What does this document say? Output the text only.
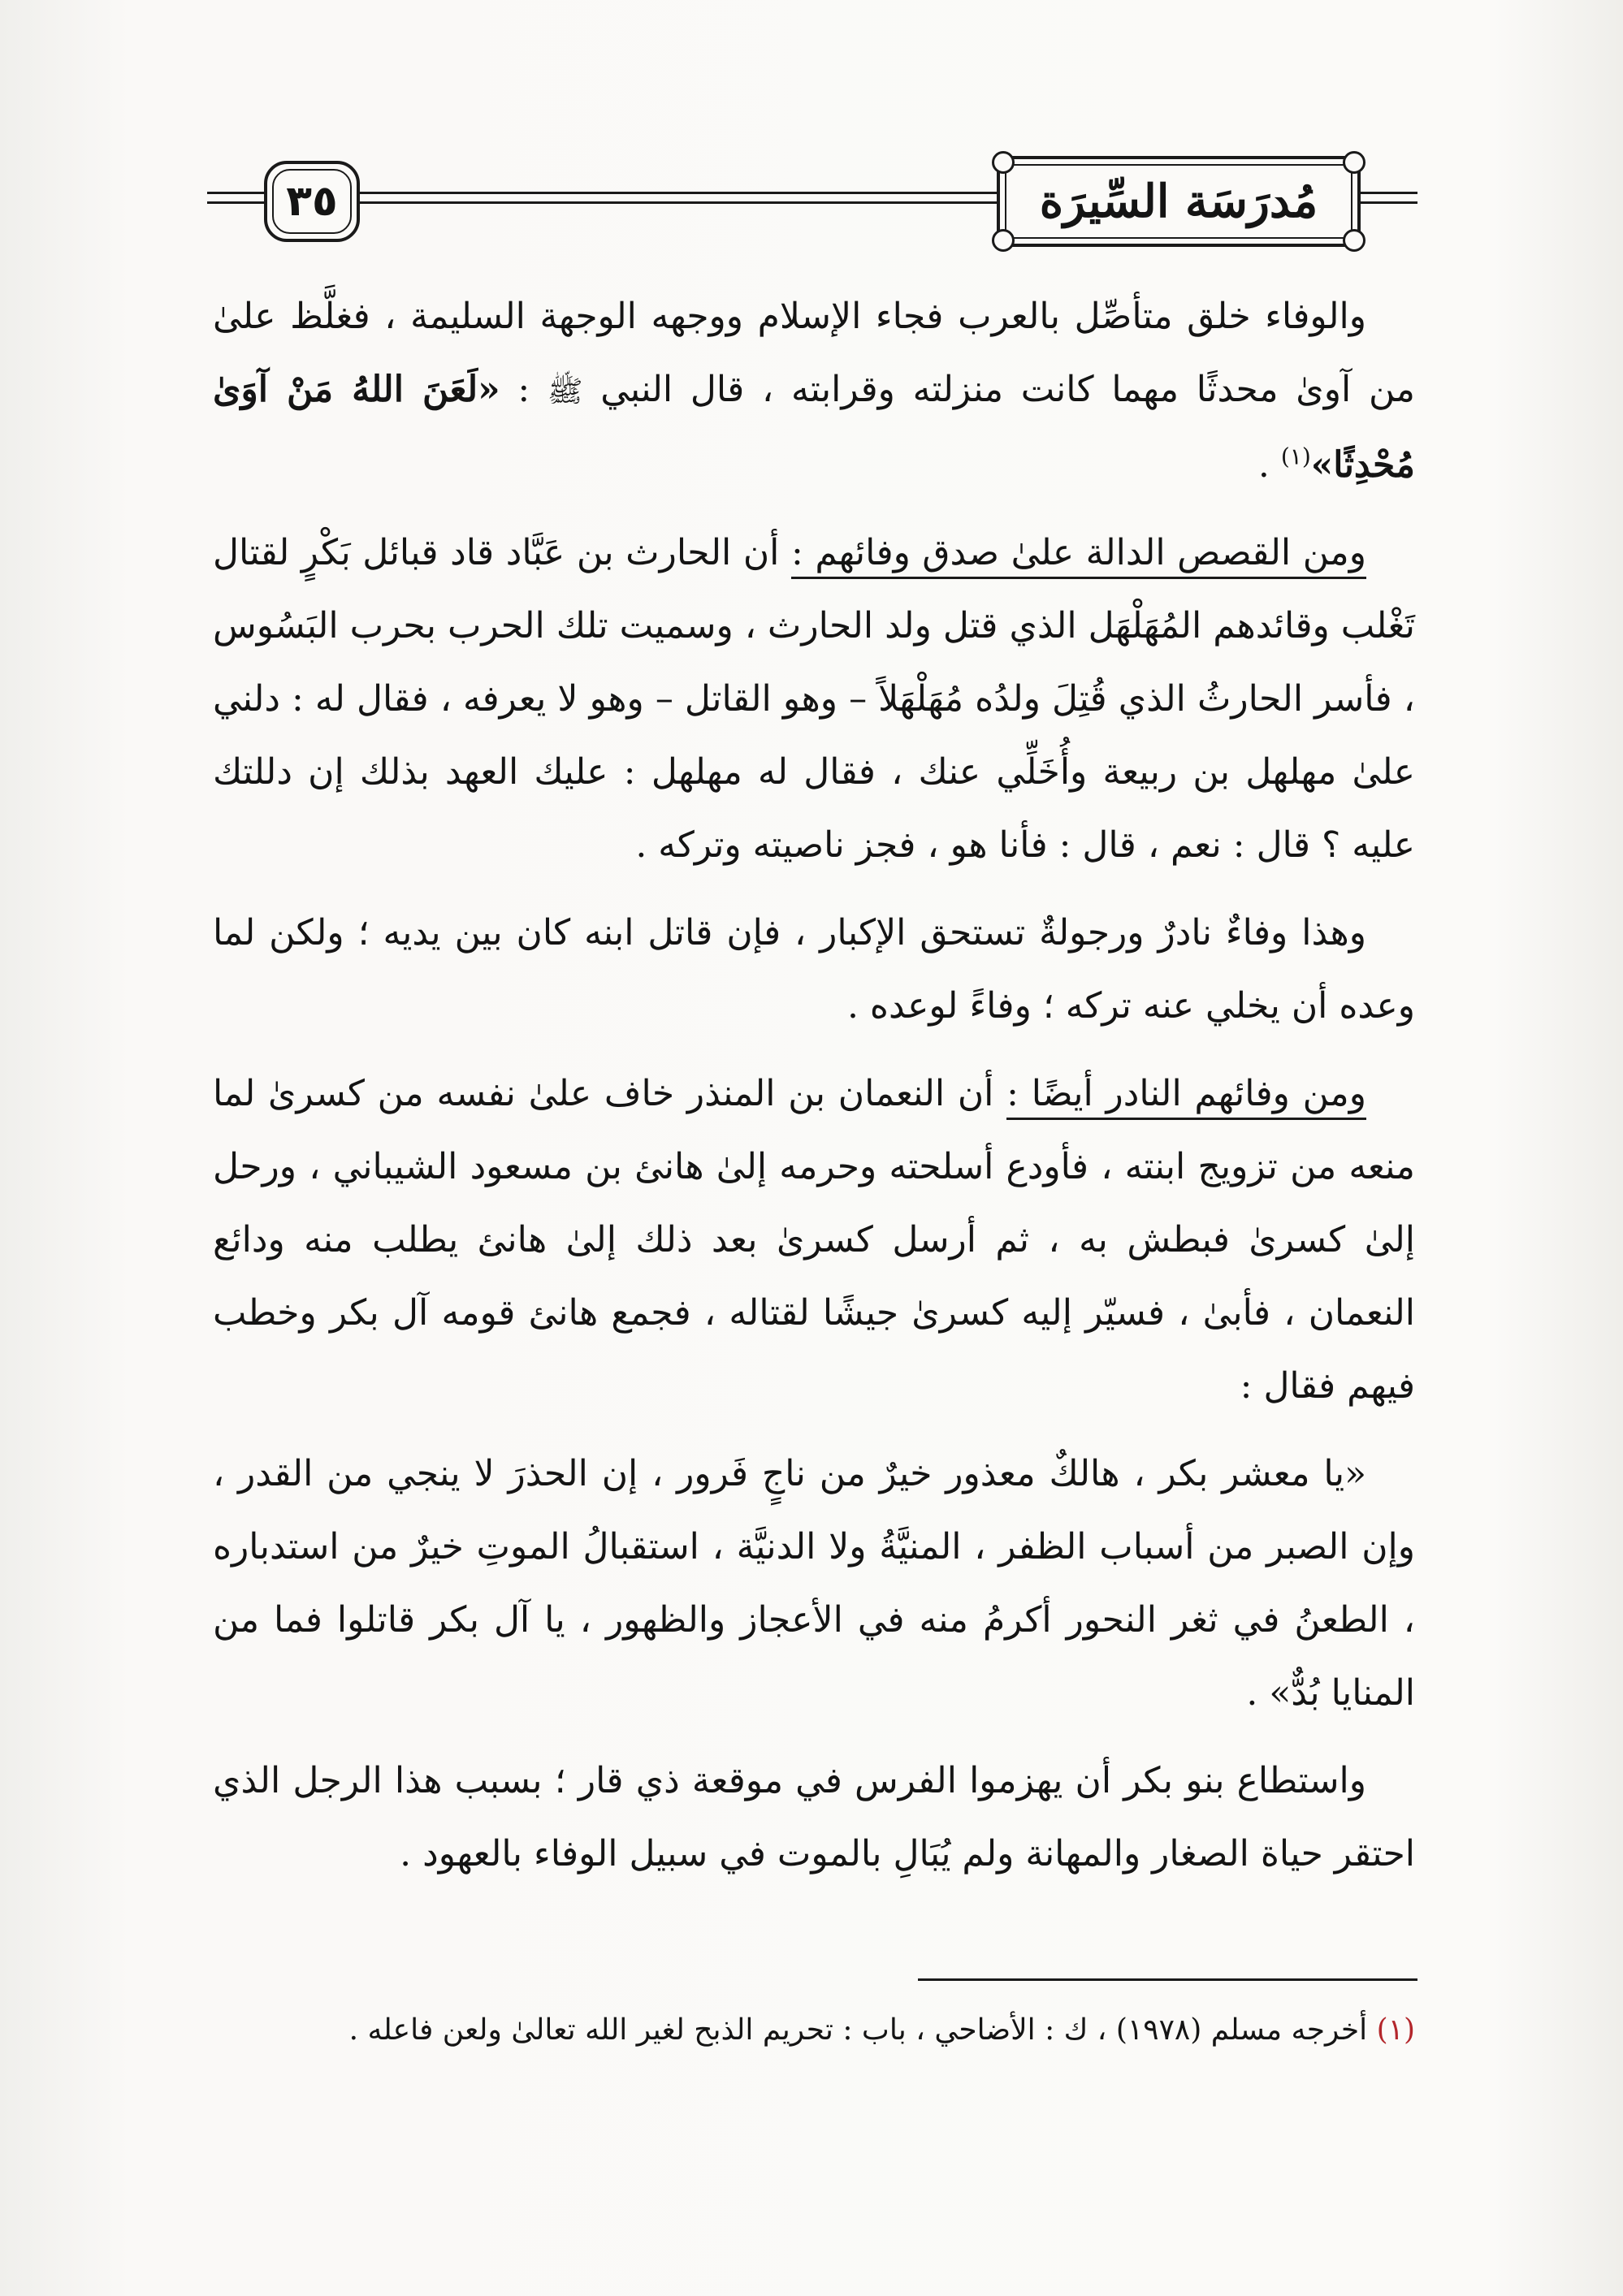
٣٥	مُدرَسَة السِّيرَة

والوفاء خلق متأصِّل بالعرب فجاء الإسلام ووجهه الوجهة السليمة ، فغلَّظ علىٰ من آوىٰ محدثًا مهما كانت منزلته وقرابته ، قال النبي ﷺ : «لَعَنَ اللهُ مَنْ آوَىٰ مُحْدِثًا»$^{(١)}$ .

ومن القصص الدالة علىٰ صدق وفائهم : أن الحارث بن عَبَّاد قاد قبائل بَكْرٍ لقتال تَغْلب وقائدهم المُهَلْهَل الذي قتل ولد الحارث ، وسميت تلك الحرب بحرب البَسُوس ، فأسر الحارثُ الذي قُتِلَ ولدُه مُهَلْهَلاً – وهو القاتل – وهو لا يعرفه ، فقال له : دلني علىٰ مهلهل بن ربيعة وأُخَلِّي عنك ، فقال له مهلهل : عليك العهد بذلك إن دللتك عليه ؟ قال : نعم ، قال : فأنا هو ، فجز ناصيته وتركه .

وهذا وفاءٌ نادرٌ ورجولةٌ تستحق الإكبار ، فإن قاتل ابنه كان بين يديه ؛ ولكن لما وعده أن يخلي عنه تركه ؛ وفاءً لوعده .

ومن وفائهم النادر أيضًا : أن النعمان بن المنذر خاف علىٰ نفسه من كسرىٰ لما منعه من تزويج ابنته ، فأودع أسلحته وحرمه إلىٰ هانئ بن مسعود الشيباني ، ورحل إلىٰ كسرىٰ فبطش به ، ثم أرسل كسرىٰ بعد ذلك إلىٰ هانئ يطلب منه ودائع النعمان ، فأبىٰ ، فسيّر إليه كسرىٰ جيشًا لقتاله ، فجمع هانئ قومه آل بكر وخطب فيهم فقال :

«يا معشر بكر ، هالكٌ معذور خيرٌ من ناجٍ فَرور ، إن الحذرَ لا ينجي من القدر ، وإن الصبر من أسباب الظفر ، المنيَّةُ ولا الدنيَّة ، استقبالُ الموتِ خيرٌ من استدباره ، الطعنُ في ثغر النحور أكرمُ منه في الأعجاز والظهور ، يا آل بكر قاتلوا فما من المنايا بُدٌّ» .

واستطاع بنو بكر أن يهزموا الفرس في موقعة ذي قار ؛ بسبب هذا الرجل الذي احتقر حياة الصغار والمهانة ولم يُبَالِ بالموت في سبيل الوفاء بالعهود .

(١) أخرجه مسلم (١٩٧٨) ، ك : الأضاحي ، باب : تحريم الذبح لغير الله تعالىٰ ولعن فاعله .
